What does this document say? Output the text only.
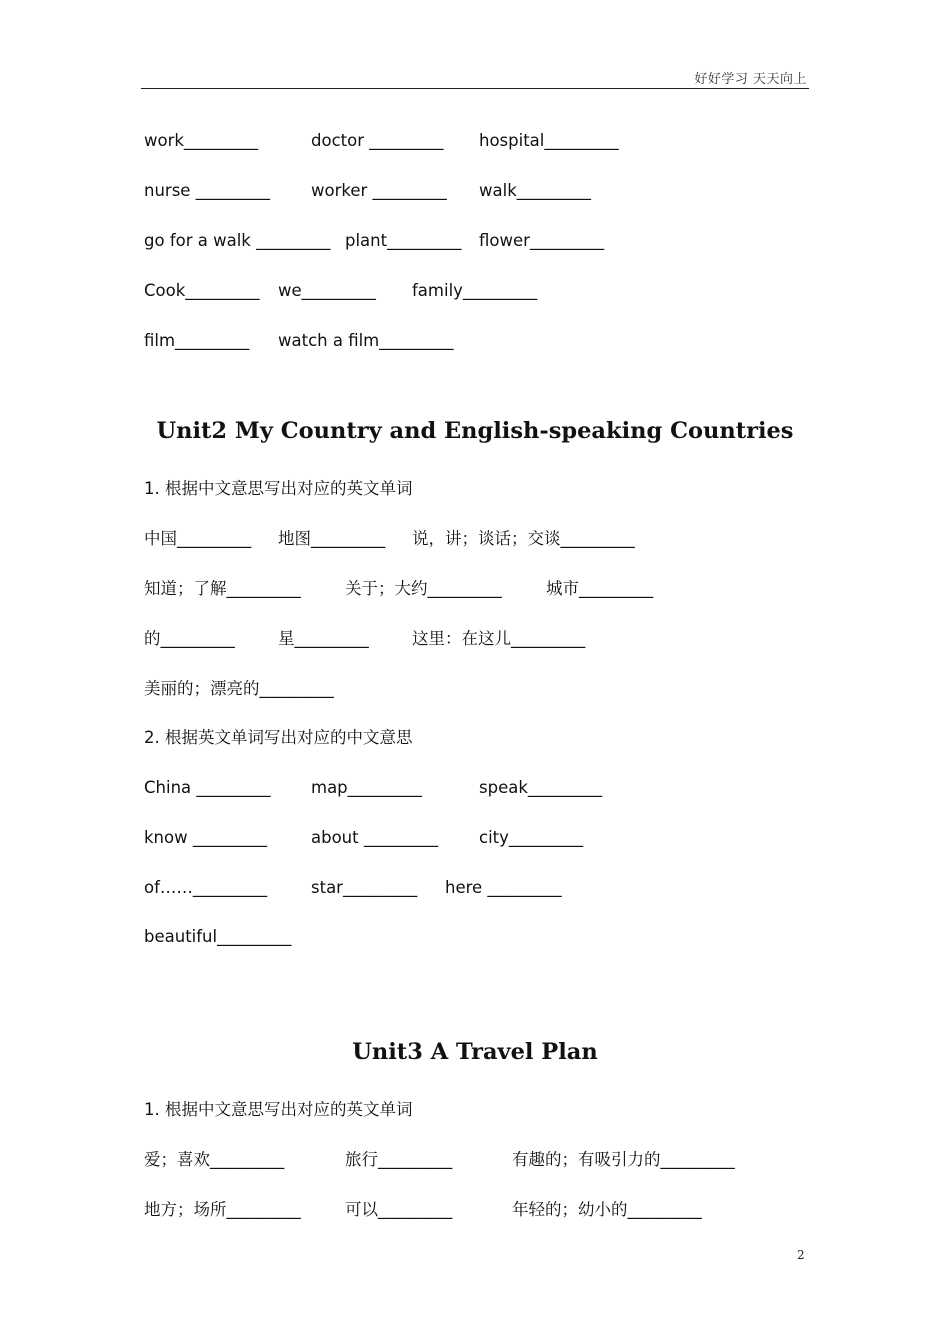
好好学习 天天向上
work_________	doctor _________ hospital_________
nurse _________ worker _________ walk_________
go for a walk _________ plant_________ flower_________
Cook_________ we_________ family_________
film_________ watch a film_________
Unit2 My Country and English-speaking Countries
1. 根据中文意思写出对应的英文单词
中国_________ 地图_________ 说，讲；谈话；交谈_________
知道；了解_________	关于；大约_________	城市_________
的_________	星_________	这里：在这儿_________
美丽的；漂亮的_________
2. 根据英文单词写出对应的中文意思
China _________ map_________	speak_________
know _________	about _________ city_________
of……_________	star_________ here _________
beautiful_________
Unit3 A Travel Plan
1. 根据中文意思写出对应的英文单词
爱；喜欢_________	旅行_________	有趣的；有吸引力的_________
地方；场所_________	可以_________	年轻的；幼小的_________
2
